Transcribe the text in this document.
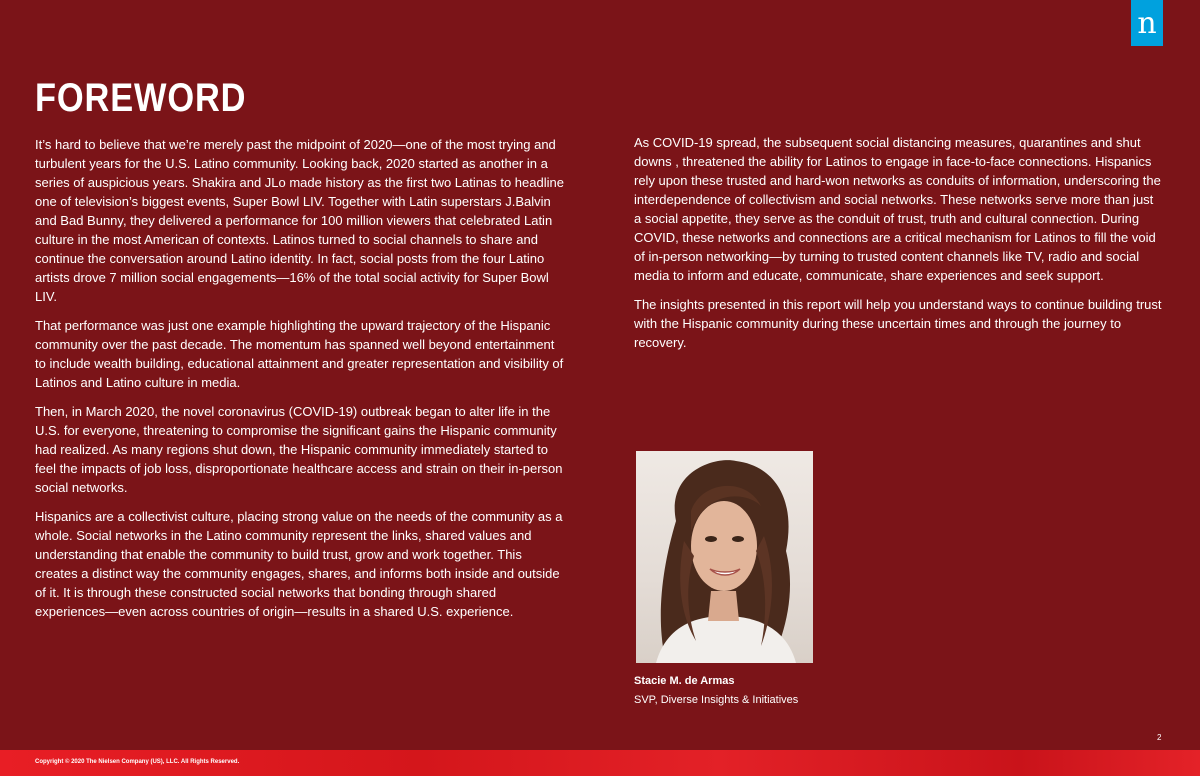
n
FOREWORD

It’s hard to believe that we’re merely past the midpoint of 2020—one of the most trying and turbulent years for the U.S. Latino community. Looking back, 2020 started as another in a series of auspicious years. Shakira and JLo made history as the first two Latinas to headline one of television’s biggest events, Super Bowl LIV. Together with Latin superstars J.Balvin and Bad Bunny, they delivered a performance for 100 million viewers that celebrated Latin culture in the most American of contexts. Latinos turned to social channels to share and continue the conversation around Latino identity. In fact, social posts from the four Latino artists drove 7 million social engagements—16% of the total social activity for Super Bowl LIV.

That performance was just one example highlighting the upward trajectory of the Hispanic community over the past decade. The momentum has spanned well beyond entertainment to include wealth building, educational attainment and greater representation and visibility of Latinos and Latino culture in media.

Then, in March 2020, the novel coronavirus (COVID-19) outbreak began to alter life in the U.S. for everyone, threatening to compromise the significant gains the Hispanic community had realized. As many regions shut down, the Hispanic community immediately started to feel the impacts of job loss, disproportionate healthcare access and strain on their in-person social networks.

Hispanics are a collectivist culture, placing strong value on the needs of the community as a whole. Social networks in the Latino community represent the links, shared values and understanding that enable the community to build trust, grow and work together. This creates a distinct way the community engages, shares, and informs both inside and outside of it. It is through these constructed social networks that bonding through shared experiences—even across countries of origin—results in a shared U.S. experience.

As COVID-19 spread, the subsequent social distancing measures, quarantines and shut downs , threatened the ability for Latinos to engage in face-to-face connections. Hispanics rely upon these trusted and hard-won networks as conduits of information, underscoring the interdependence of collectivism and social networks. These networks serve more than just a social appetite, they serve as the conduit of trust, truth and cultural connection. During COVID, these networks and connections are a critical mechanism for Latinos to fill the void of in-person networking—by turning to trusted content channels like TV, radio and social media to inform and educate, communicate, share experiences and seek support.

The insights presented in this report will help you understand ways to continue building trust with the Hispanic community during these uncertain times and through the journey to recovery.

Stacie M. de Armas

SVP, Diverse Insights & Initiatives

2
Copyright © 2020 The Nielsen Company (US), LLC. All Rights Reserved.
